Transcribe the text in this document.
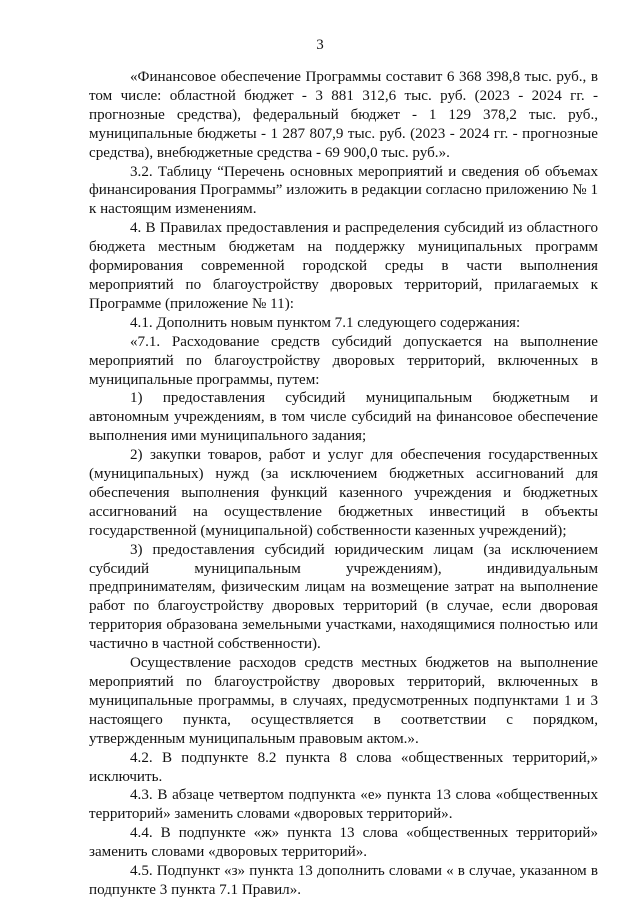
3

«Финансовое обеспечение Программы составит 6 368 398,8 тыс. руб., в том числе: областной бюджет - 3 881 312,6 тыс. руб. (2023 - 2024 гг. - прогнозные средства), федеральный бюджет - 1 129 378,2 тыс. руб., муниципальные бюджеты - 1 287 807,9 тыс. руб. (2023 - 2024 гг. - прогнозные средства), внебюджетные средства - 69 900,0 тыс. руб.».

3.2. Таблицу “Перечень основных мероприятий и сведения об объемах финансирования Программы” изложить в редакции согласно приложению № 1 к настоящим изменениям.

4. В Правилах предоставления и распределения субсидий из областного бюджета местным бюджетам на поддержку муниципальных программ формирования современной городской среды в части выполнения мероприятий по благоустройству дворовых территорий, прилагаемых к Программе (приложение № 11):

4.1. Дополнить новым пунктом 7.1 следующего содержания:

«7.1. Расходование средств субсидий допускается на выполнение мероприятий по благоустройству дворовых территорий, включенных в муниципальные программы, путем:

1) предоставления субсидий муниципальным бюджетным и автономным учреждениям, в том числе субсидий на финансовое обеспечение выполнения ими муниципального задания;

2) закупки товаров, работ и услуг для обеспечения государственных (муниципальных) нужд (за исключением бюджетных ассигнований для обеспечения выполнения функций казенного учреждения и бюджетных ассигнований на осуществление бюджетных инвестиций в объекты государственной (муниципальной) собственности казенных учреждений);

3) предоставления субсидий юридическим лицам (за исключением субсидий муниципальным учреждениям), индивидуальным предпринимателям, физическим лицам на возмещение затрат на выполнение работ по благоустройству дворовых территорий (в случае, если дворовая территория образована земельными участками, находящимися полностью или частично в частной собственности).

Осуществление расходов средств местных бюджетов на выполнение мероприятий по благоустройству дворовых территорий, включенных в муниципальные программы, в случаях, предусмотренных подпунктами 1 и 3 настоящего пункта, осуществляется в соответствии с порядком, утвержденным муниципальным правовым актом.».

4.2. В подпункте 8.2 пункта 8 слова «общественных территорий,» исключить.

4.3. В абзаце четвертом подпункта «е» пункта 13 слова «общественных территорий» заменить словами «дворовых территорий».

4.4. В подпункте «ж» пункта 13 слова «общественных территорий» заменить словами «дворовых территорий».

4.5. Подпункт «з» пункта 13 дополнить словами « в случае, указанном в подпункте 3 пункта 7.1 Правил».
